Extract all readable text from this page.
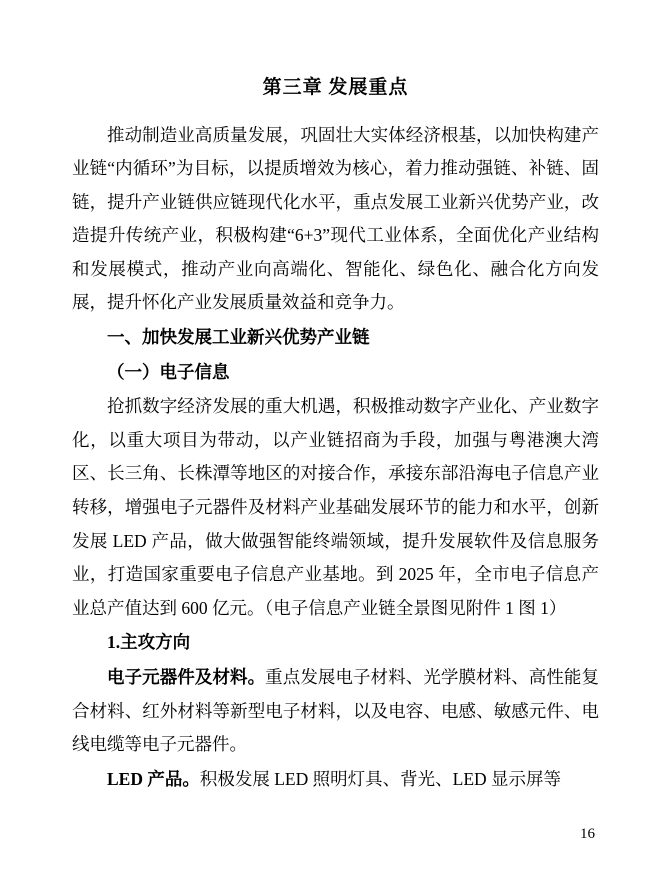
第三章 发展重点

推动制造业高质量发展，巩固壮大实体经济根基，以加快构建产业链“内循环”为目标，以提质增效为核心，着力推动强链、补链、固链，提升产业链供应链现代化水平，重点发展工业新兴优势产业，改造提升传统产业，积极构建“6+3”现代工业体系，全面优化产业结构和发展模式，推动产业向高端化、智能化、绿色化、融合化方向发展，提升怀化产业发展质量效益和竞争力。

一、加快发展工业新兴优势产业链

（一）电子信息

抢抓数字经济发展的重大机遇，积极推动数字产业化、产业数字化，以重大项目为带动，以产业链招商为手段，加强与粤港澳大湾区、长三角、长株潭等地区的对接合作，承接东部沿海电子信息产业转移，增强电子元器件及材料产业基础发展环节的能力和水平，创新发展 LED 产品，做大做强智能终端领域，提升发展软件及信息服务业，打造国家重要电子信息产业基地。到 2025 年，全市电子信息产业总产值达到 600 亿元。（电子信息产业链全景图见附件 1 图 1）

1.主攻方向

电子元器件及材料。重点发展电子材料、光学膜材料、高性能复合材料、红外材料等新型电子材料，以及电容、电感、敏感元件、电线电缆等电子元器件。

LED 产品。积极发展 LED 照明灯具、背光、LED 显示屏等

16
